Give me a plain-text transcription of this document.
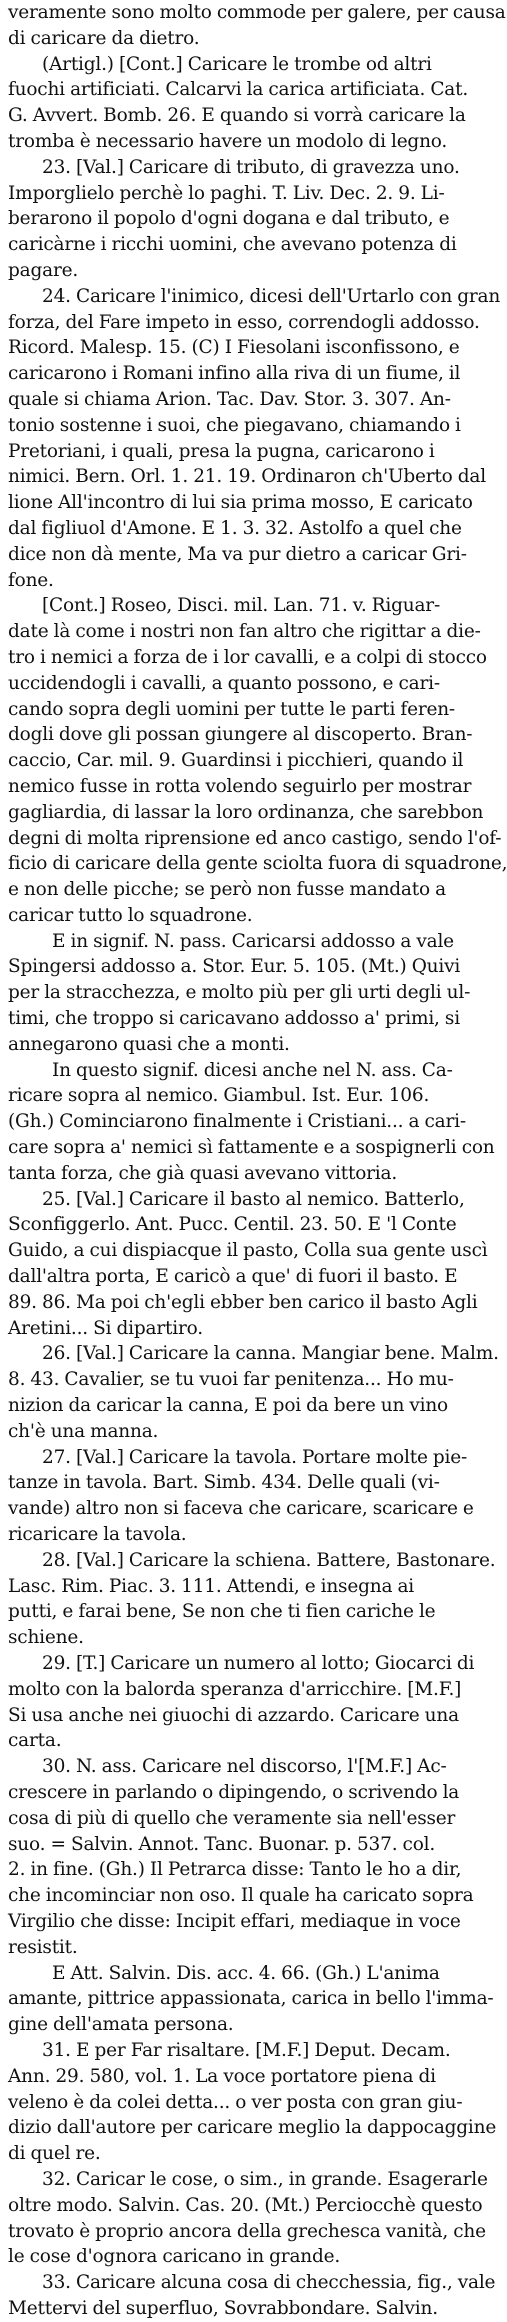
veramente sono molto commode per galere, per causa
di caricare da dietro.
(Artigl.) [Cont.] Caricare le trombe od altri
fuochi artificiati. Calcarvi la carica artificiata. Cat.
G. Avvert. Bomb. 26. E quando si vorrà caricare la
tromba è necessario havere un modolo di legno.
23. [Val.] Caricare di tributo, di gravezza uno.
Imporglielo perchè lo paghi. T. Liv. Dec. 2. 9. Li-
berarono il popolo d'ogni dogana e dal tributo, e
caricàrne i ricchi uomini, che avevano potenza di
pagare.
24. Caricare l'inimico, dicesi dell'Urtarlo con gran
forza, del Fare impeto in esso, correndogli addosso.
Ricord. Malesp. 15. (C) I Fiesolani isconfissono, e
caricarono i Romani infino alla riva di un fiume, il
quale si chiama Arion. Tac. Dav. Stor. 3. 307. An-
tonio sostenne i suoi, che piegavano, chiamando i
Pretoriani, i quali, presa la pugna, caricarono i
nimici. Bern. Orl. 1. 21. 19. Ordinaron ch'Uberto dal
lione All'incontro di lui sia prima mosso, E caricato
dal figliuol d'Amone. E 1. 3. 32. Astolfo a quel che
dice non dà mente, Ma va pur dietro a caricar Gri-
fone.
[Cont.] Roseo, Disci. mil. Lan. 71. v. Riguar-
date là come i nostri non fan altro che rigittar a die-
tro i nemici a forza de i lor cavalli, e a colpi di stocco
uccidendogli i cavalli, a quanto possono, e cari-
cando sopra degli uomini per tutte le parti feren-
dogli dove gli possan giungere al discoperto. Bran-
caccio, Car. mil. 9. Guardinsi i picchieri, quando il
nemico fusse in rotta volendo seguirlo per mostrar
gagliardia, di lassar la loro ordinanza, che sarebbon
degni di molta riprensione ed anco castigo, sendo l'of-
ficio di caricare della gente sciolta fuora di squadrone,
e non delle picche; se però non fusse mandato a
caricar tutto lo squadrone.
E in signif. N. pass. Caricarsi addosso a vale
Spingersi addosso a. Stor. Eur. 5. 105. (Mt.) Quivi
per la stracchezza, e molto più per gli urti degli ul-
timi, che troppo si caricavano addosso a' primi, si
annegarono quasi che a monti.
In questo signif. dicesi anche nel N. ass. Ca-
ricare sopra al nemico. Giambul. Ist. Eur. 106.
(Gh.) Cominciarono finalmente i Cristiani... a cari-
care sopra a' nemici sì fattamente e a sospignerli con
tanta forza, che già quasi avevano vittoria.
25. [Val.] Caricare il basto al nemico. Batterlo,
Sconfiggerlo. Ant. Pucc. Centil. 23. 50. E 'l Conte
Guido, a cui dispiacque il pasto, Colla sua gente uscì
dall'altra porta, E caricò a que' di fuori il basto. E
89. 86. Ma poi ch'egli ebber ben carico il basto Agli
Aretini... Si dipartiro.
26. [Val.] Caricare la canna. Mangiar bene. Malm.
8. 43. Cavalier, se tu vuoi far penitenza... Ho mu-
nizion da caricar la canna, E poi da bere un vino
ch'è una manna.
27. [Val.] Caricare la tavola. Portare molte pie-
tanze in tavola. Bart. Simb. 434. Delle quali (vi-
vande) altro non si faceva che caricare, scaricare e
ricaricare la tavola.
28. [Val.] Caricare la schiena. Battere, Bastonare.
Lasc. Rim. Piac. 3. 111. Attendi, e insegna ai
putti, e farai bene, Se non che ti fien cariche le
schiene.
29. [T.] Caricare un numero al lotto; Giocarci di
molto con la balorda speranza d'arricchire. [M.F.]
Si usa anche nei giuochi di azzardo. Caricare una
carta.
30. N. ass. Caricare nel discorso, l'[M.F.] Ac-
crescere in parlando o dipingendo, o scrivendo la
cosa di più di quello che veramente sia nell'esser
suo. = Salvin. Annot. Tanc. Buonar. p. 537. col.
2. in fine. (Gh.) Il Petrarca disse: Tanto le ho a dir,
che incominciar non oso. Il quale ha caricato sopra
Virgilio che disse: Incipit effari, mediaque in voce
resistit.
E Att. Salvin. Dis. acc. 4. 66. (Gh.) L'anima
amante, pittrice appassionata, carica in bello l'imma-
gine dell'amata persona.
31. E per Far risaltare. [M.F.] Deput. Decam.
Ann. 29. 580, vol. 1. La voce portatore piena di
veleno è da colei detta... o ver posta con gran giu-
dizio dall'autore per caricare meglio la dappocaggine
di quel re.
32. Caricar le cose, o sim., in grande. Esagerarle
oltre modo. Salvin. Cas. 20. (Mt.) Perciocchè questo
trovato è proprio ancora della grechesca vanità, che
le cose d'ognora caricano in grande.
33. Caricare alcuna cosa di checchessia, fig., vale
Mettervi del superfluo, Sovrabbondare. Salvin.
